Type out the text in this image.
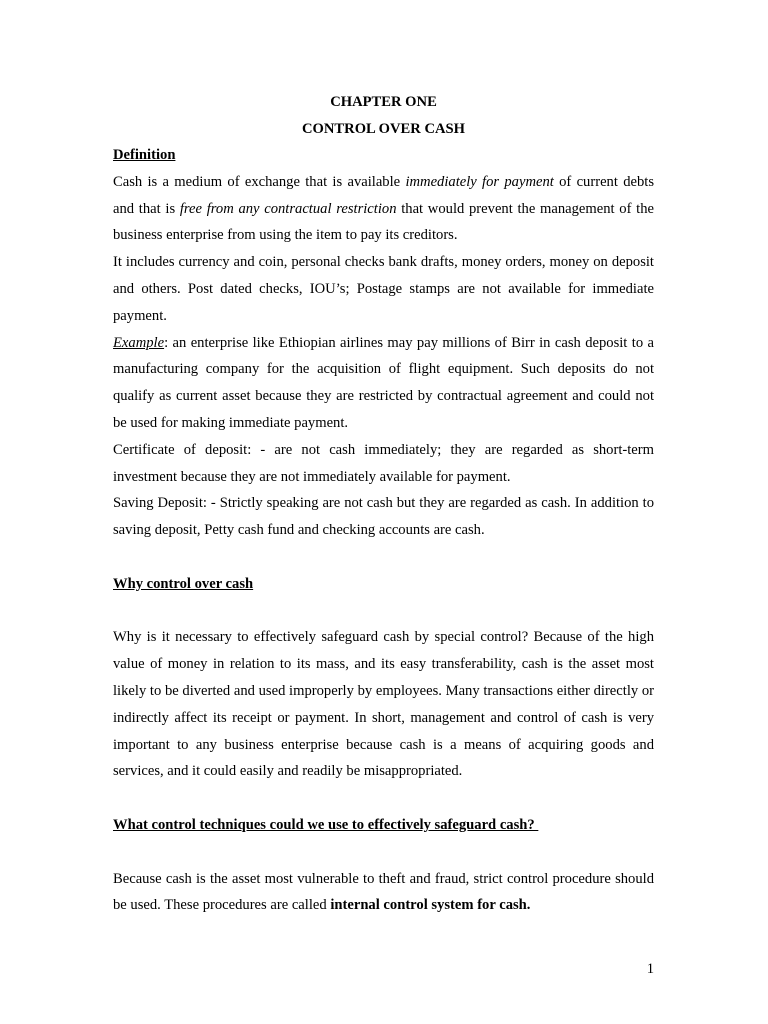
CHAPTER ONE

CONTROL OVER CASH

Definition

Cash is a medium of exchange that is available immediately for payment of current debts and that is free from any contractual restriction that would prevent the management of the business enterprise from using the item to pay its creditors.

It includes currency and coin, personal checks bank drafts, money orders, money on deposit and others. Post dated checks, IOU’s; Postage stamps are not available for immediate payment.

Example: an enterprise like Ethiopian airlines may pay millions of Birr in cash deposit to a manufacturing company for the acquisition of flight equipment. Such deposits do not qualify as current asset because they are restricted by contractual agreement and could not be used for making immediate payment.

Certificate of deposit: - are not cash immediately; they are regarded as short-term investment because they are not immediately available for payment.

Saving Deposit: - Strictly speaking are not cash but they are regarded as cash. In addition to saving deposit, Petty cash fund and checking accounts are cash.

Why control over cash

Why is it necessary to effectively safeguard cash by special control? Because of the high value of money in relation to its mass, and its easy transferability, cash is the asset most likely to be diverted and used improperly by employees. Many transactions either directly or indirectly affect its receipt or payment. In short, management and control of cash is very important to any business enterprise because cash is a means of acquiring goods and services, and it could easily and readily be misappropriated.

What control techniques could we use to effectively safeguard cash?

Because cash is the asset most vulnerable to theft and fraud, strict control procedure should be used. These procedures are called internal control system for cash.

1
